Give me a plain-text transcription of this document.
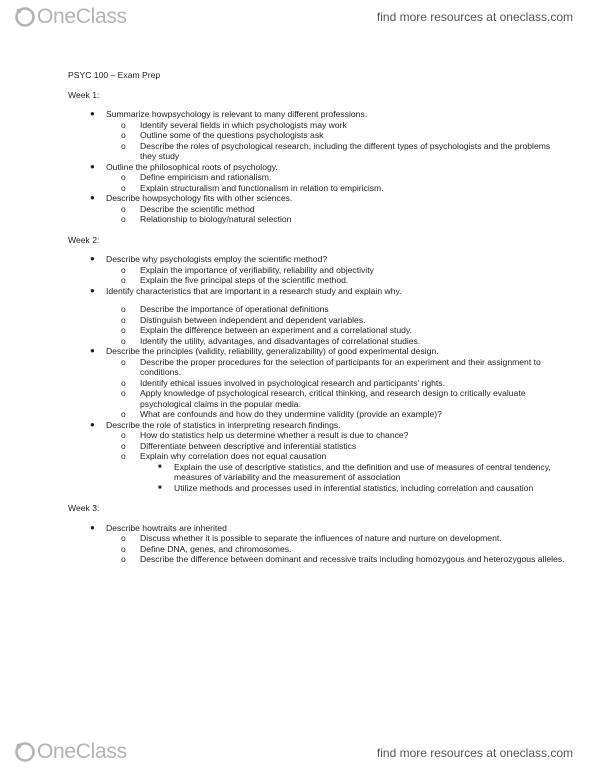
OneClass	find more resources at oneclass.com
PSYC 100 – Exam Prep
Week 1:
● Summarize howpsychology is relevant to many different professions.
o Identify several fields in which psychologists may work
o Outline some of the questions psychologists ask
o Describe the roles of psychological research, including the different types of psychologists and the problems they study
● Outline the philosophical roots of psychology.
o Define empiricism and rationalism.
o Explain structuralism and functionalism in relation to empiricism.
● Describe howpsychology fits with other sciences.
o Describe the scientific method
o Relationship to biology/natural selection
Week 2:
● Describe why psychologists employ the scientific method?
o Explain the importance of verifiability, reliability and objectivity
o Explain the five principal steps of the scientific method.
● Identify characteristics that are important in a research study and explain why.
o Describe the importance of operational definitions
o Distinguish between independent and dependent variables.
o Explain the difference between an experiment and a correlational study.
o Identify the utility, advantages, and disadvantages of correlational studies.
● Describe the principles (validity, reliability, generalizability) of good experimental design.
o Describe the proper procedures for the selection of participants for an experiment and their assignment to conditions.
o Identify ethical issues involved in psychological research and participants' rights.
o Apply knowledge of psychological research, critical thinking, and research design to critically evaluate psychological claims in the popular media.
o What are confounds and how do they undermine validity (provide an example)?
● Describe the role of statistics in interpreting research findings.
o How do statistics help us determine whether a result is due to chance?
o Differentiate between descriptive and inferential statistics
o Explain why correlation does not equal causation
■ Explain the use of descriptive statistics, and the definition and use of measures of central tendency, measures of variability and the measurement of association
■ Utilize methods and processes used in inferential statistics, including correlation and causation
Week 3:
● Describe howtraits are inherited
o Discuss whether it is possible to separate the influences of nature and nurture on development.
o Define DNA, genes, and chromosomes.
o Describe the difference between dominant and recessive traits including homozygous and heterozygous alleles.
OneClass	find more resources at oneclass.com
